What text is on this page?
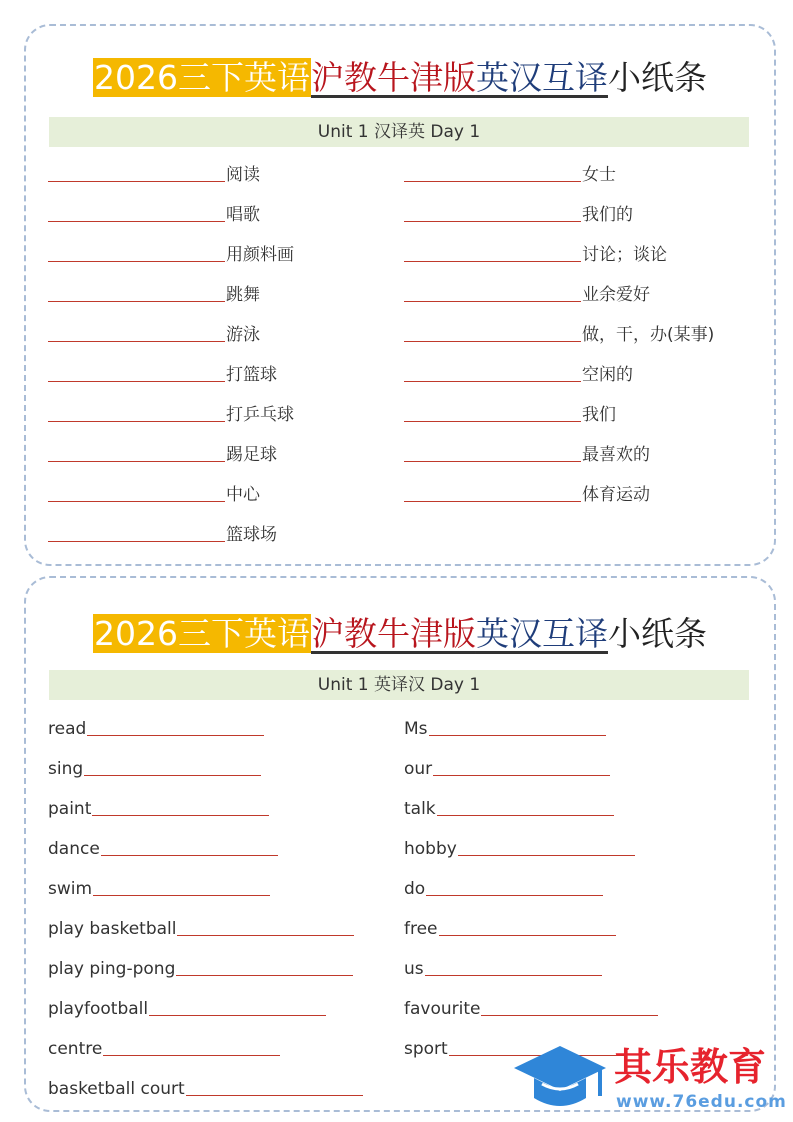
2026三下英语沪教牛津版英汉互译小纸条
Unit 1 汉译英 Day 1
2026三下英语沪教牛津版英汉互译小纸条
Unit 1 英译汉 Day 1
阅读
唱歌
用颜料画
跳舞
游泳
打篮球
打乒乓球
踢足球
中心
篮球场
女士
我们的
讨论；谈论
业余爱好
做，干，办(某事)
空闲的
我们
最喜欢的
体育运动
read
sing
paint
dance
swim
play basketball
play ping-pong
playfootball
centre
basketball court
Ms
our
talk
hobby
do
free
us
favourite
sport	其乐教育
www.76edu.com
